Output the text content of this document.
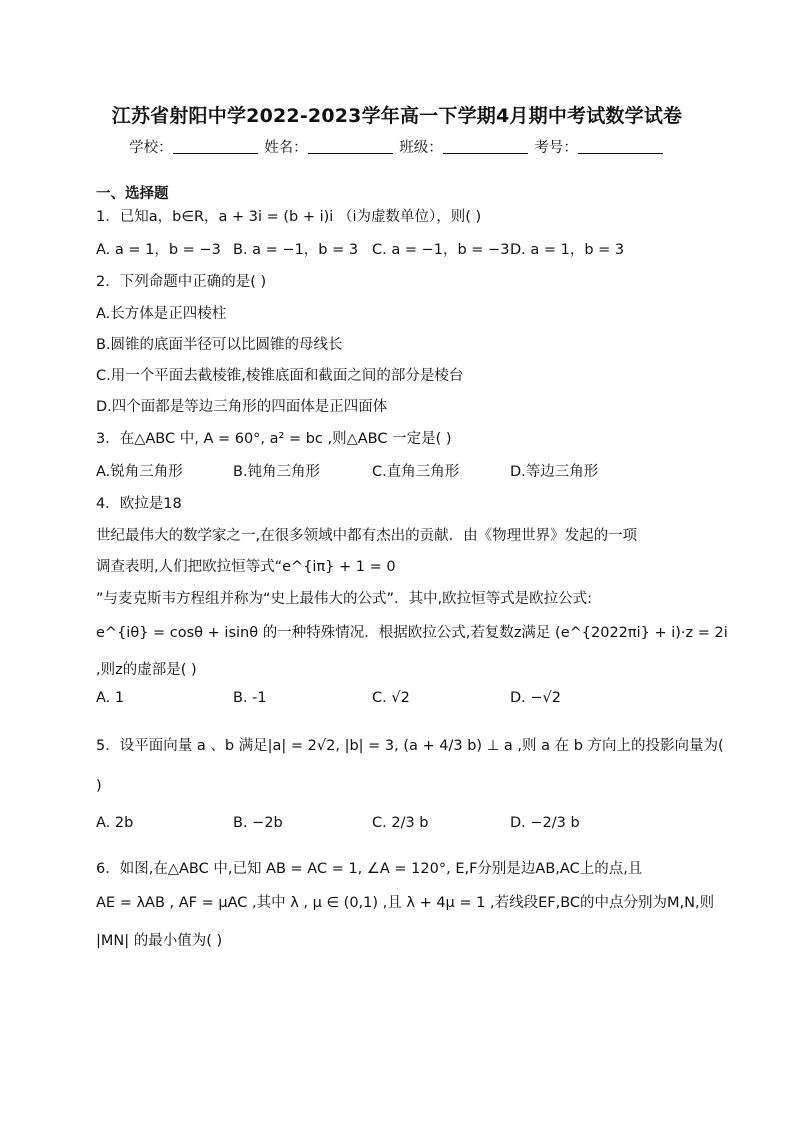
江苏省射阳中学2022-2023学年高一下学期4月期中考试数学试卷
学校：	姓名：	班级：	考号：
一、选择题
1．已知a，b∈R，a + 3i = (b + i)i （i为虚数单位），则( )
A. a = 1，b = −3 B. a = −1，b = 3 C. a = −1，b = −3 D. a = 1，b = 3
2．下列命题中正确的是( )
A.长方体是正四棱柱
B.圆锥的底面半径可以比圆锥的母线长
C.用一个平面去截棱锥,棱锥底面和截面之间的部分是棱台
D.四个面都是等边三角形的四面体是正四面体
3．在△ABC 中, A = 60°, a² = bc ,则△ABC 一定是( )
A.锐角三角形	B.钝角三角形	C.直角三角形	D.等边三角形
4．欧拉是18
世纪最伟大的数学家之一,在很多领域中都有杰出的贡献．由《物理世界》发起的一项
调查表明,人们把欧拉恒等式“e^{iπ} + 1 = 0
”与麦克斯韦方程组并称为“史上最伟大的公式”．其中,欧拉恒等式是欧拉公式:
e^{iθ} = cosθ + isinθ 的一种特殊情况．根据欧拉公式,若复数z满足 (e^{2022πi} + i)·z = 2i
,则z的虚部是( )
A. 1	B. -1	C. √2	D. −√2
5．设平面向量 a 、b 满足|a| = 2√2, |b| = 3, (a + 4/3 b) ⊥ a ,则 a 在 b 方向上的投影向量为(
)
A. 2b	B. −2b	C. 2/3 b	D. −2/3 b
6．如图,在△ABC 中,已知 AB = AC = 1, ∠A = 120°, E,F分别是边AB,AC上的点,且
AE = λAB , AF = μAC ,其中 λ , μ ∈ (0,1) ,且 λ + 4μ = 1 ,若线段EF,BC的中点分别为M,N,则
|MN| 的最小值为( )
